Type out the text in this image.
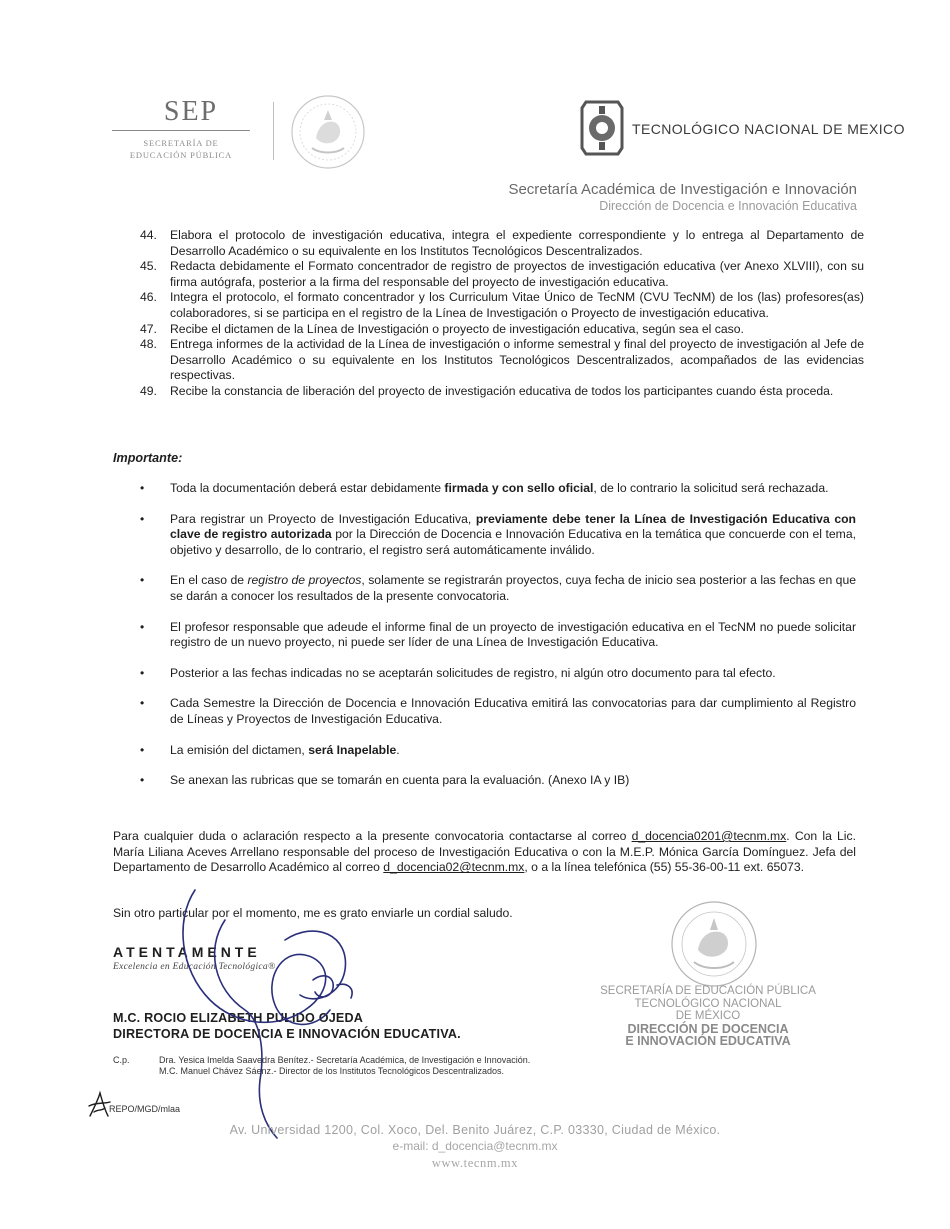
SEP
SECRETARÍA DE
EDUCACIÓN PÚBLICA
TECNOLÓGICO NACIONAL DE MEXICO
Secretaría Académica de Investigación e Innovación
Dirección de Docencia e Innovación Educativa
44.	Elabora el protocolo de investigación educativa, integra el expediente correspondiente y lo entrega al Departamento de Desarrollo Académico o su equivalente en los Institutos Tecnológicos Descentralizados.
45.	Redacta debidamente el Formato concentrador de registro de proyectos de investigación educativa (ver Anexo XLVIII), con su firma autógrafa, posterior a la firma del responsable del proyecto de investigación educativa.
46.	Integra el protocolo, el formato concentrador y los Curriculum Vitae Único de TecNM (CVU TecNM) de los (las) profesores(as) colaboradores, si se participa en el registro de la Línea de Investigación o Proyecto de investigación educativa.
47.	Recibe el dictamen de la Línea de Investigación o proyecto de investigación educativa, según sea el caso.
48.	Entrega informes de la actividad de la Línea de investigación o informe semestral y final del proyecto de investigación al Jefe de Desarrollo Académico o su equivalente en los Institutos Tecnológicos Descentralizados, acompañados de las evidencias respectivas.
49.	Recibe la constancia de liberación del proyecto de investigación educativa de todos los participantes cuando ésta proceda.
Importante:
•	Toda la documentación deberá estar debidamente firmada y con sello oficial, de lo contrario la solicitud será rechazada.
•	Para registrar un Proyecto de Investigación Educativa, previamente debe tener la Línea de Investigación Educativa con clave de registro autorizada por la Dirección de Docencia e Innovación Educativa en la temática que concuerde con el tema, objetivo y desarrollo, de lo contrario, el registro será automáticamente inválido.
•	En el caso de registro de proyectos, solamente se registrarán proyectos, cuya fecha de inicio sea posterior a las fechas en que se darán a conocer los resultados de la presente convocatoria.
•	El profesor responsable que adeude el informe final de un proyecto de investigación educativa en el TecNM no puede solicitar registro de un nuevo proyecto, ni puede ser líder de una Línea de Investigación Educativa.
•	Posterior a las fechas indicadas no se aceptarán solicitudes de registro, ni algún otro documento para tal efecto.
•	Cada Semestre la Dirección de Docencia e Innovación Educativa emitirá las convocatorias para dar cumplimiento al Registro de Líneas y Proyectos de Investigación Educativa.
•	La emisión del dictamen, será Inapelable.
•	Se anexan las rubricas que se tomarán en cuenta para la evaluación. (Anexo IA y IB)
Para cualquier duda o aclaración respecto a la presente convocatoria contactarse al correo d_docencia0201@tecnm.mx. Con la Lic. María Liliana Aceves Arrellano responsable del proceso de Investigación Educativa o con la M.E.P. Mónica García Domínguez. Jefa del Departamento de Desarrollo Académico al correo d_docencia02@tecnm.mx, o a la línea telefónica (55) 55-36-00-11 ext. 65073.
Sin otro particular por el momento, me es grato enviarle un cordial saludo.
ATENTAMENTE
Excelencia en Educación Tecnológica®
M.C. ROCIO ELIZABETH PULIDO OJEDA
DIRECTORA DE DOCENCIA E INNOVACIÓN EDUCATIVA.
C.p.	Dra. Yesica Imelda Saavedra Benítez.- Secretaría Académica, de Investigación e Innovación.
M.C. Manuel Chávez Sáenz.- Director de los Institutos Tecnológicos Descentralizados.
REPO/MGD/mlaa
SECRETARÍA DE EDUCACIÓN PÚBLICA
TECNOLÓGICO NACIONAL
DE MÉXICO
DIRECCIÓN DE DOCENCIA
E INNOVACIÓN EDUCATIVA
Av. Universidad 1200, Col. Xoco, Del. Benito Juárez, C.P. 03330, Ciudad de México.
e-mail: d_docencia@tecnm.mx
www.tecnm.mx
